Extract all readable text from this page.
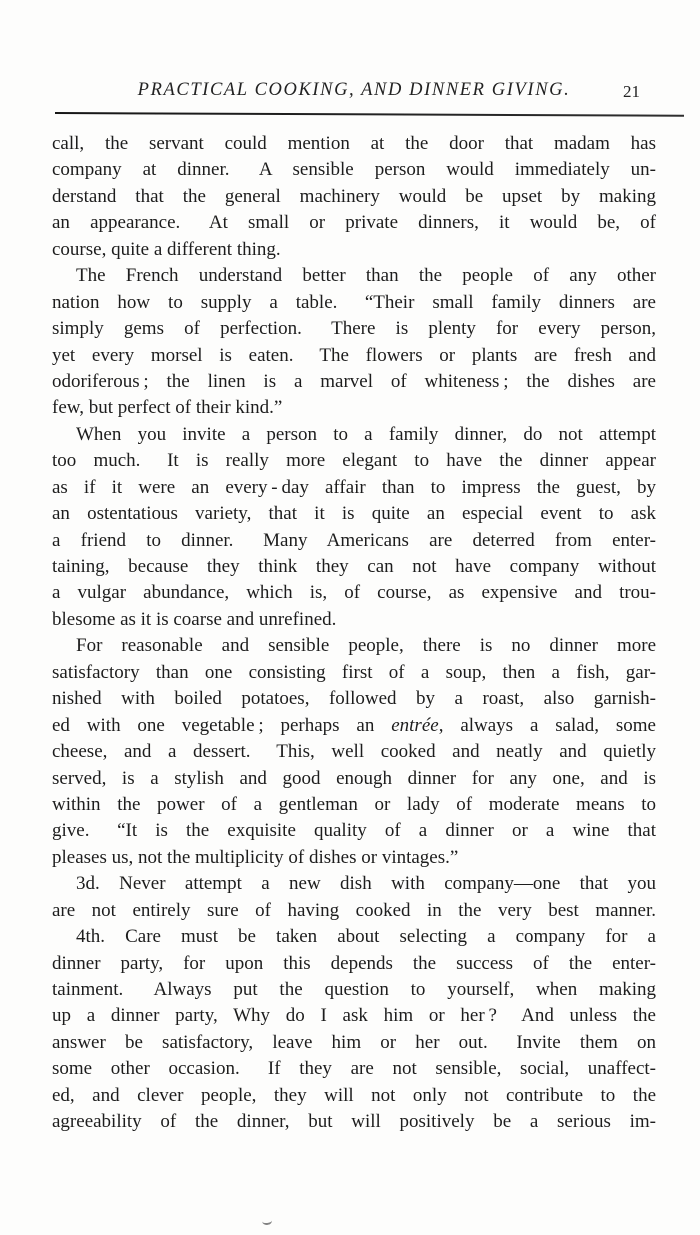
PRACTICAL COOKING, AND DINNER GIVING.	21

call, the servant could mention at the door that madam has
company at dinner.  A sensible person would immediately un-
derstand that the general machinery would be upset by making
an appearance.  At small or private dinners, it would be, of
course, quite a different thing.

The French understand better than the people of any other
nation how to supply a table.  “Their small family dinners are
simply gems of perfection.  There is plenty for every person,
yet every morsel is eaten.  The flowers or plants are fresh and
odoriferous ; the linen is a marvel of whiteness ; the dishes are
few, but perfect of their kind.”

When you invite a person to a family dinner, do not attempt
too much.  It is really more elegant to have the dinner appear
as if it were an every - day affair than to impress the guest, by
an ostentatious variety, that it is quite an especial event to ask
a friend to dinner.  Many Americans are deterred from enter-
taining, because they think they can not have company without
a vulgar abundance, which is, of course, as expensive and trou-
blesome as it is coarse and unrefined.

For reasonable and sensible people, there is no dinner more
satisfactory than one consisting first of a soup, then a fish, gar-
nished with boiled potatoes, followed by a roast, also garnish-
ed with one vegetable ; perhaps an entrée, always a salad, some
cheese, and a dessert.  This, well cooked and neatly and quietly
served, is a stylish and good enough dinner for any one, and is
within the power of a gentleman or lady of moderate means to
give.  “It is the exquisite quality of a dinner or a wine that
pleases us, not the multiplicity of dishes or vintages.”

3d. Never attempt a new dish with company—one that you
are not entirely sure of having cooked in the very best manner.

4th. Care must be taken about selecting a company for a
dinner party, for upon this depends the success of the enter-
tainment.  Always put the question to yourself, when making
up a dinner party, Why do I ask him or her ?  And unless the
answer be satisfactory, leave him or her out.  Invite them on
some other occasion.  If they are not sensible, social, unaffect-
ed, and clever people, they will not only not contribute to the
agreeability of the dinner, but will positively be a serious im-
